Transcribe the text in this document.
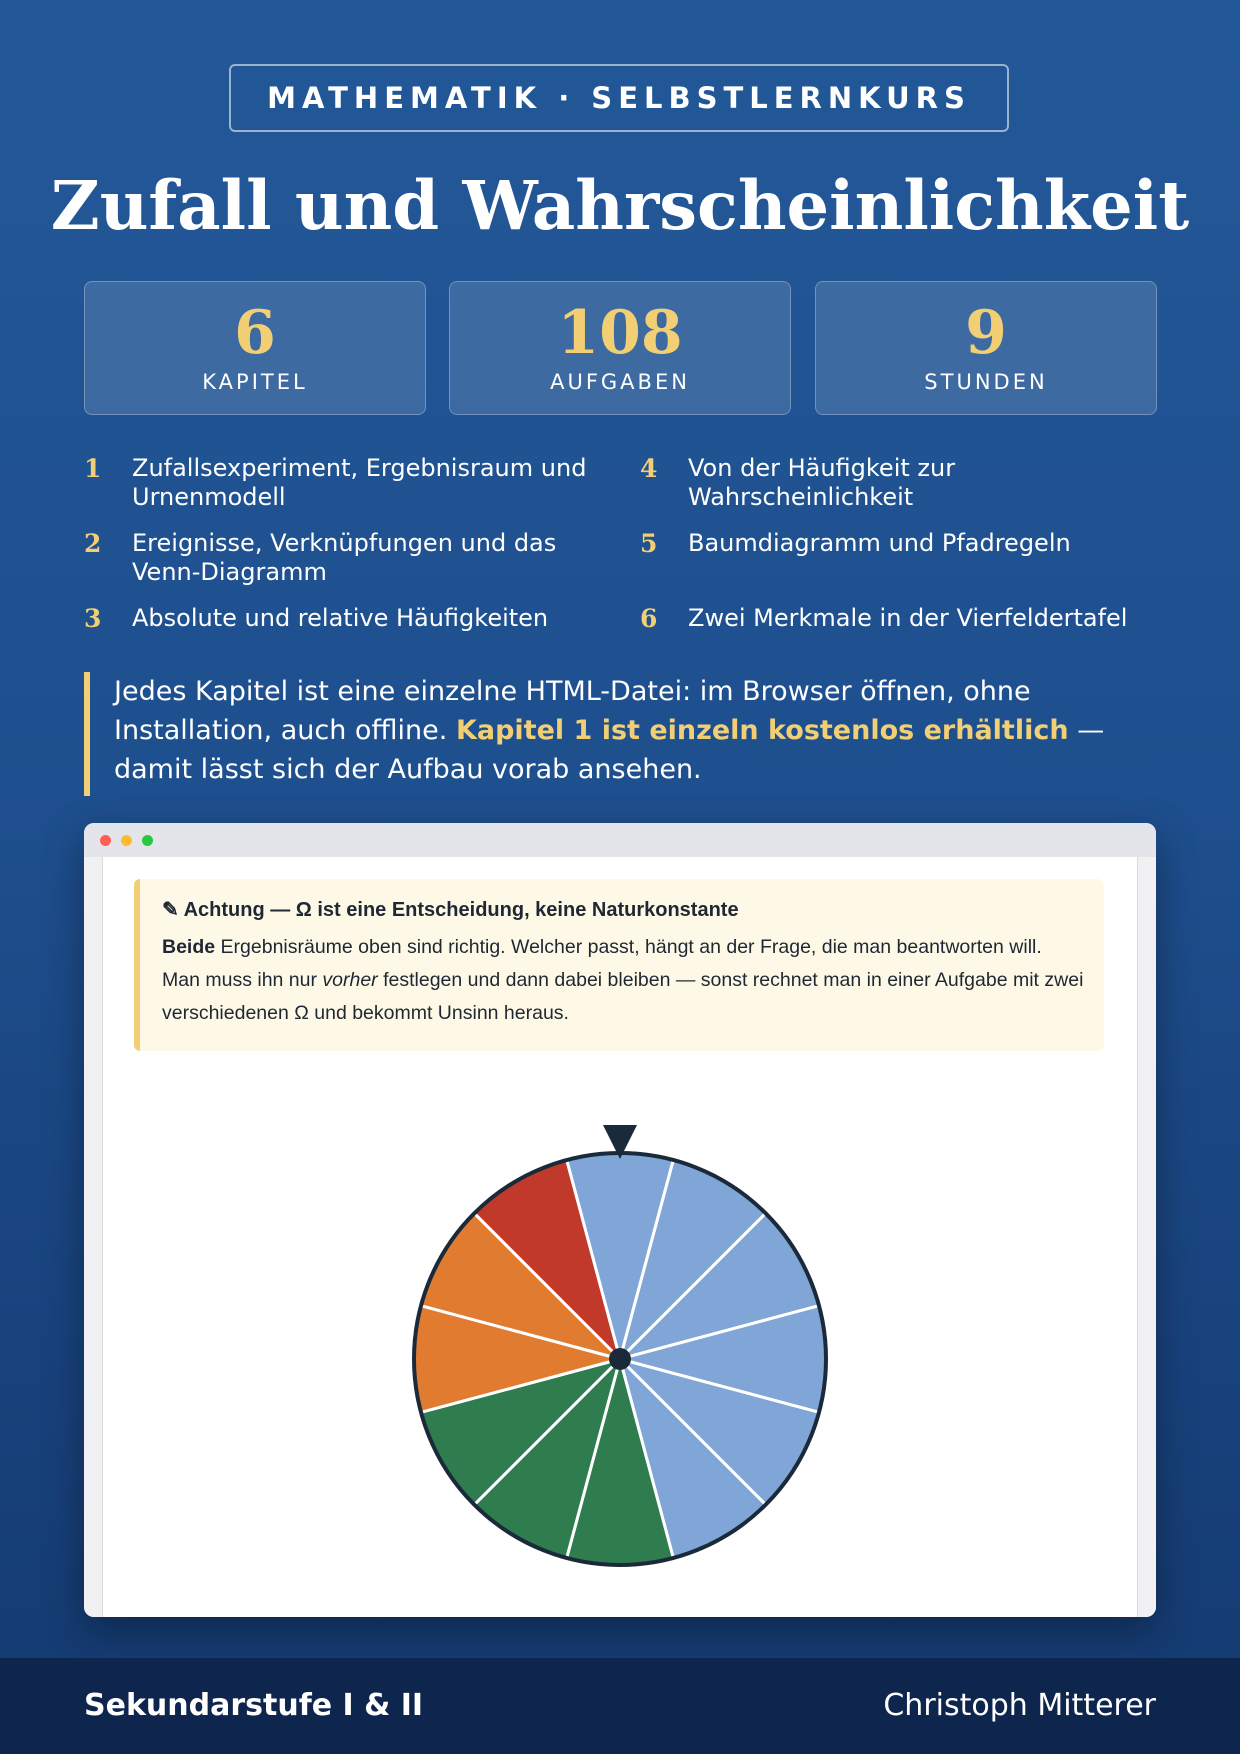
MATHEMATIK · SELBSTLERNKURS
Zufall und Wahrscheinlichkeit
6
KAPITEL
108
AUFGABEN
9
STUNDEN
1 Zufallsexperiment, Ergebnisraum und Urnenmodell
2 Ereignisse, Verknüpfungen und das Venn-Diagramm
3 Absolute und relative Häufigkeiten
4 Von der Häufigkeit zur Wahrscheinlichkeit
5 Baumdiagramm und Pfadregeln
6 Zwei Merkmale in der Vierfeldertafel
Jedes Kapitel ist eine einzelne HTML-Datei: im Browser öffnen, ohne Installation, auch offline. Kapitel 1 ist einzeln kostenlos erhältlich — damit lässt sich der Aufbau vorab ansehen.
✎ Achtung — Ω ist eine Entscheidung, keine Naturkonstante
Beide Ergebnisräume oben sind richtig. Welcher passt, hängt an der Frage, die man beantworten will. Man muss ihn nur vorher festlegen und dann dabei bleiben — sonst rechnet man in einer Aufgabe mit zwei verschiedenen Ω und bekommt Unsinn heraus.
Sekundarstufe I & II	Christoph Mitterer
